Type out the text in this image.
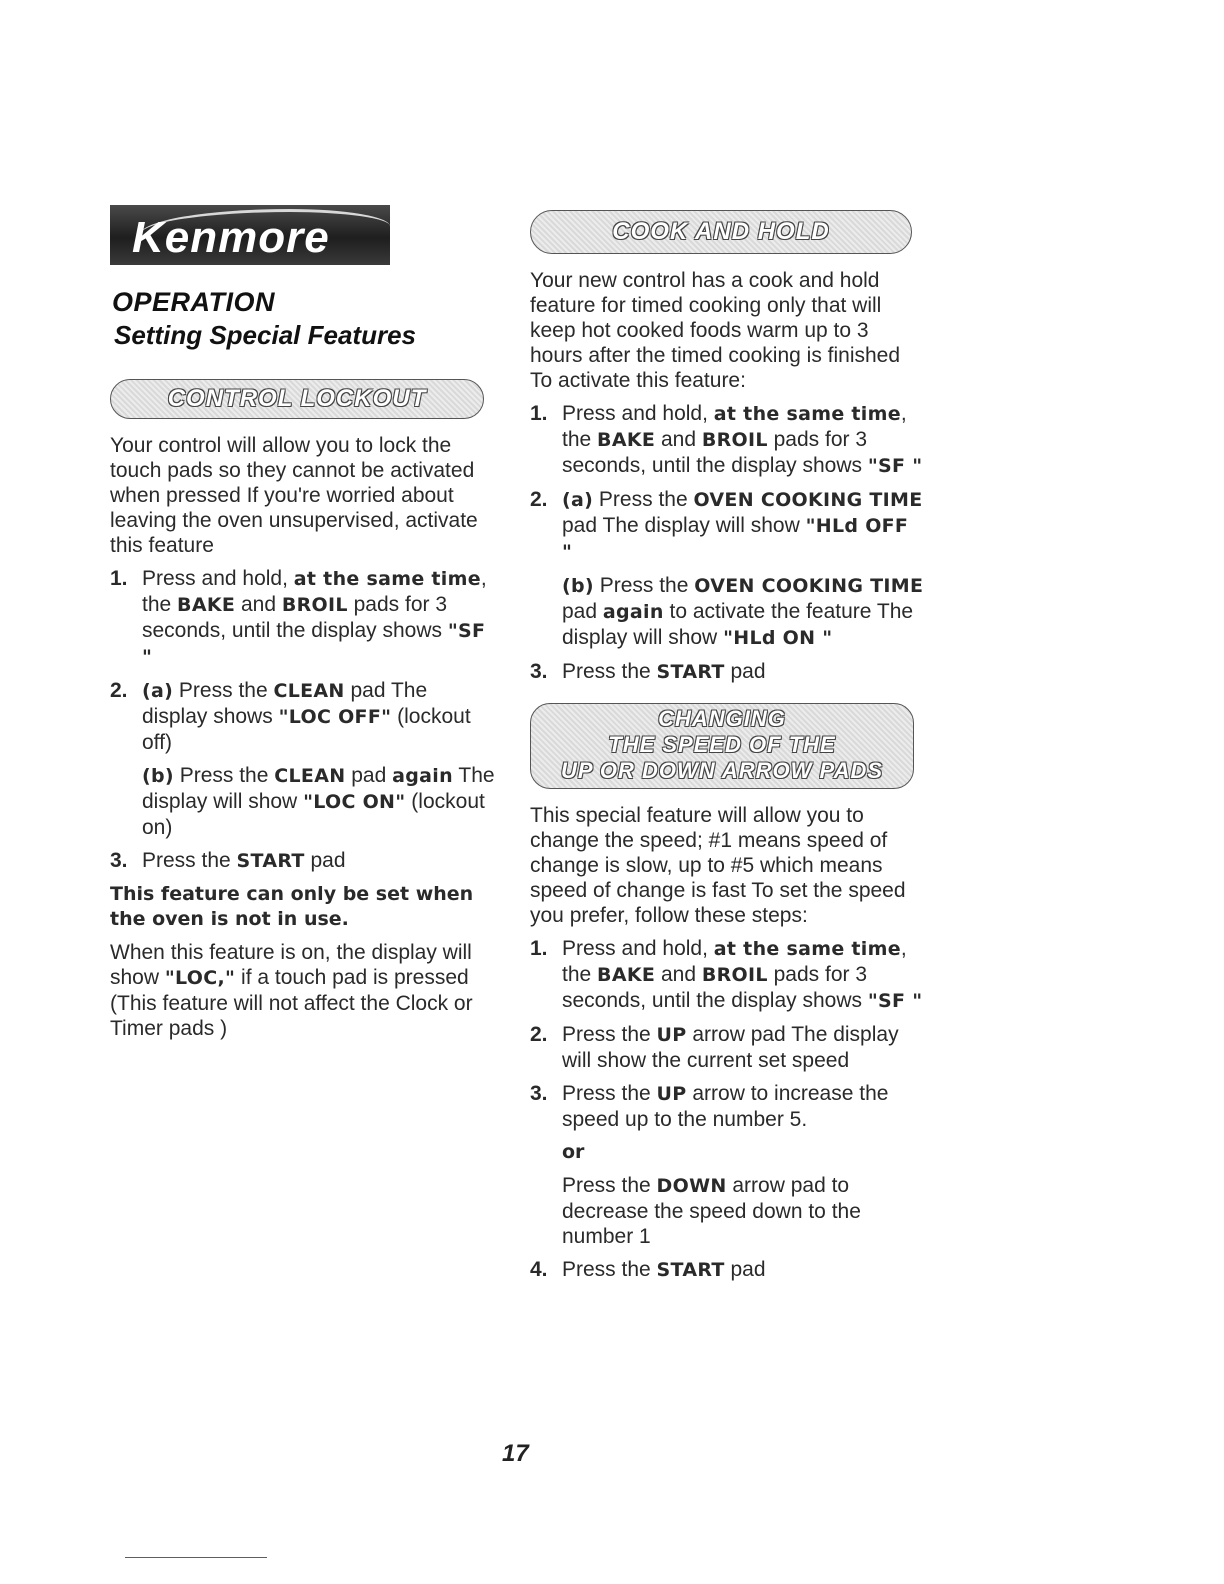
Kenmore
OPERATION
Setting Special Features
CONTROL LOCKOUT

Your control will allow you to lock the touch pads so they cannot be activated when pressed If you're worried about leaving the oven unsupervised, activate this feature

1. Press and hold, at the same time, the BAKE and BROIL pads for 3 seconds, until the display shows "SF "
2. (a) Press the CLEAN pad The display shows "LOC OFF" (lockout off)
(b) Press the CLEAN pad again The display will show "LOC ON" (lockout on)
3. Press the START pad

This feature can only be set when the oven is not in use.

When this feature is on, the display will show "LOC," if a touch pad is pressed (This feature will not affect the Clock or Timer pads )

COOK AND HOLD

Your new control has a cook and hold feature for timed cooking only that will keep hot cooked foods warm up to 3 hours after the timed cooking is finished To activate this feature:

1. Press and hold, at the same time, the BAKE and BROIL pads for 3 seconds, until the display shows "SF "
2. (a) Press the OVEN COOKING TIME pad The display will show "HLd OFF "
(b) Press the OVEN COOKING TIME pad again to activate the feature The display will show "HLd ON "
3. Press the START pad
CHANGING
THE SPEED OF THE
UP OR DOWN ARROW PADS

This special feature will allow you to change the speed; #1 means speed of change is slow, up to #5 which means speed of change is fast To set the speed you prefer, follow these steps:

1. Press and hold, at the same time, the BAKE and BROIL pads for 3 seconds, until the display shows "SF "
2. Press the UP arrow pad The display will show the current set speed
3. Press the UP arrow to increase the speed up to the number 5.
or
Press the DOWN arrow pad to decrease the speed down to the number 1
4. Press the START pad
17
